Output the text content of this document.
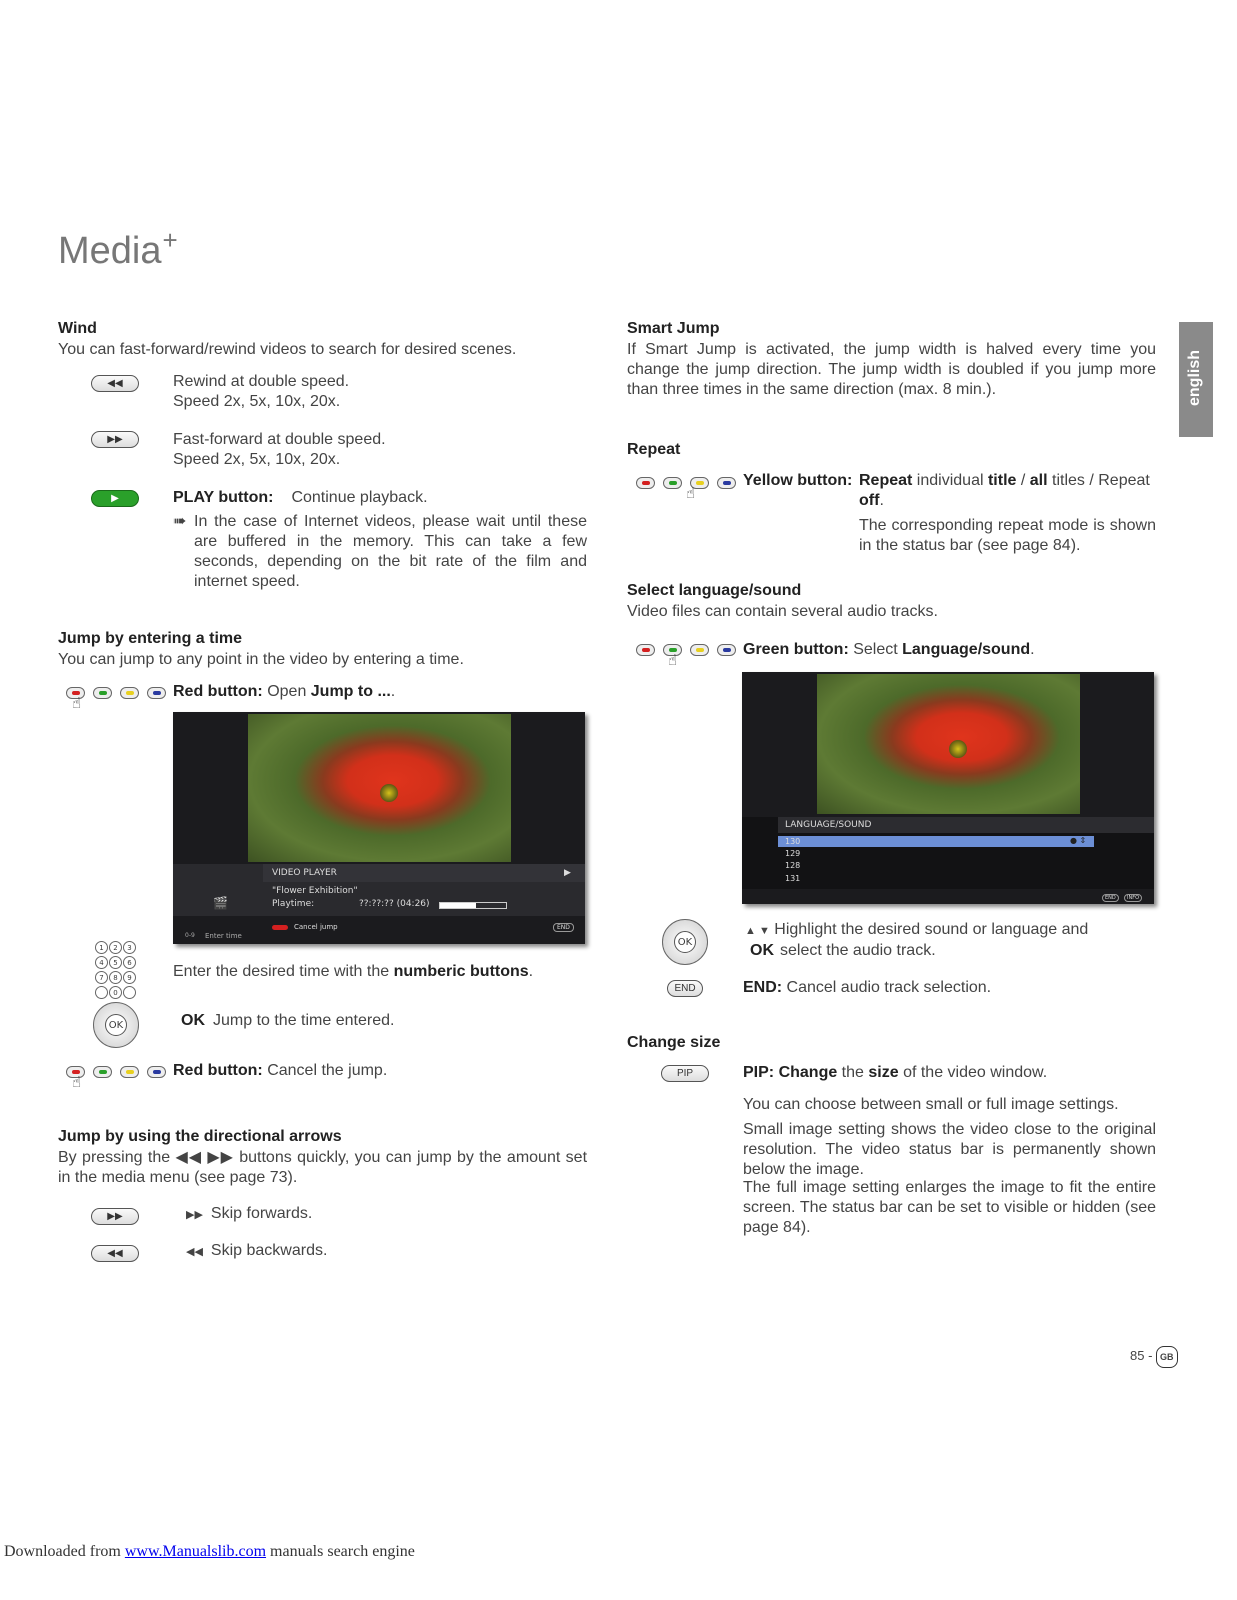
Media+
english
Wind
You can fast-forward/rewind videos to search for desired scenes.
◀◀	Rewind at double speed.
Speed 2x, 5x, 10x, 20x.
▶▶	Fast-forward at double speed.
Speed 2x, 5x, 10x, 20x.
▶	PLAY button: Continue playback.
➠ In the case of Internet videos, please wait until these are buffered in the memory. This can take a few seconds, depending on the bit rate of the film and internet speed.
Jump by entering a time
You can jump to any point in the video by entering a time.
☝
Red button: Open Jump to ....
VIDEO PLAYER	▶
🎬
"Flower Exhibition"
Playtime:	??:??:?? (04:26)
Cancel jump	END
0-9 Enter time
1	2	3
4	5	6
7	8	9
0
Enter the desired time with the numberic buttons.
OK	OK Jump to the time entered.
☝
Red button: Cancel the jump.
Jump by using the directional arrows
By pressing the ◀◀ ▶▶ buttons quickly, you can jump by the amount set in the media menu (see page 73).
▶▶	▶▶ Skip forwards.
◀◀	◀◀ Skip backwards.
Smart Jump
If Smart Jump is activated, the jump width is halved every time you change the jump direction. The jump width is doubled if you jump more than three times in the same direction (max. 8 min.).
Repeat
☝
Yellow button: Repeat individual title / all titles / Repeat off.
The corresponding repeat mode is shown in the status bar (see page 84).
Select language/sound
Video files can contain several audio tracks.
☝
Green button: Select Language/sound.
LANGUAGE/SOUND
130	● ⇕
129
128
131
END	INFO
OK
▲ ▼ Highlight the desired sound or language and
OK select the audio track.
END	END: Cancel audio track selection.
Change size
PIP	PIP: Change the size of the video window.
You can choose between small or full image settings.
Small image setting shows the video close to the original resolution. The video status bar is permanently shown below the image.
The full image setting enlarges the image to fit the entire screen. The status bar can be set to visible or hidden (see page 84).
85 - GB
Downloaded from www.Manualslib.com manuals search engine
